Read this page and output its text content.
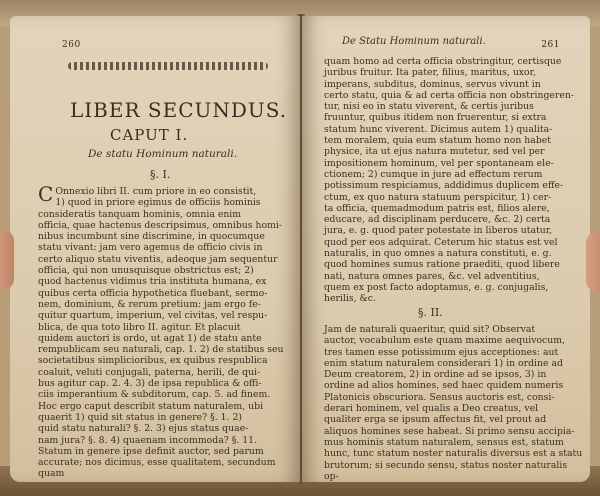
260
LIBER SECUNDUS.
CAPUT I.
De statu Hominum naturali.
§. I.
C Onnexio libri II. cum priore in eo consistit,
1) quod in priore egimus de officiis hominis
consideratis tanquam hominis, omnia enim
officia, quae hactenus descripsimus, omnibus homi-
nibus incumbunt sine discrimine, in quocumque
statu vivant: jam vero agemus de officio civis in
certo aliquo statu viventis, adeoque jam sequentur
officia, qui non unusquisque obstrictus est; 2)
quod hactenus vidimus tria instituta humana, ex
quibus certa officia hypothetica fluebant, sermo-
nem, dominium, & rerum pretium: jam ergo fe-
quitur quartum, imperium, vel civitas, vel respu-
blica, de qua toto libro II. agitur. Et placuit
quidem auctori is ordo, ut agat 1) de statu ante
rempublicam seu naturali, cap. 1. 2) de statibus seu
societatibus simplicioribus, ex quibus respublica
coaluit, veluti conjugali, paterna, herili, de qui-
bus agitur cap. 2. 4. 3) de ipsa republica & offi-
ciis imperantium & subditorum, cap. 5. ad finem.
Hoc ergo caput describit statum naturalem, ubi
quaerit 1) quid sit status in genere? §. 1. 2)
quid statu naturali? §. 2. 3) ejus status quae-
nam jura? §. 8. 4) quaenam incommoda? §. 11.
Statum in genere ipse definit auctor, sed parum
accurate; nos dicimus, esse qualitatem, secundum
quam
De Statu Hominum naturali.	261
quam homo ad certa officia obstringitur, certisque
juribus fruitur. Ita pater, filius, maritus, uxor,
imperans, subditus, dominus, servus vivunt in
certo statu, quia & ad certa officia non obstringeren-
tur, nisi eo in statu viverent, & certis juribus
fruuntur, quibus itidem non fruerentur, si extra
statum hunc viverent. Dicimus autem 1) qualita-
tem moralem, quia eum statum homo non habet
physice, ita ut ejus natura mutetur, sed vel per
impositionem hominum, vel per spontaneam ele-
ctionem; 2) cumque in jure ad effectum rerum
potissimum respiciamus, addidimus duplicem effe-
ctum, ex quo natura statuum perspicitur, 1) cer-
ta officia, quemadmodum patris est, filios alere,
educare, ad disciplinam perducere, &c. 2) certa
jura, e. g. quod pater potestate in liberos utatur,
quod per eos adquirat. Ceterum hic status est vel
naturalis, in quo omnes a natura constituti, e. g.
quod homines sumus ratione praediti, quod libere
nati, natura omnes pares, &c. vel adventitius,
quem ex post facto adoptamus, e. g. conjugalis,
herilis, &c.
§. II.
Jam de naturali quaeritur, quid sit? Observat
auctor, vocabulum este quam maxime aequivocum,
tres tamen esse potissimum ejus acceptiones: aut
enim statum naturalem considerari 1) in ordine ad
Deum creatorem, 2) in ordine ad se ipsos, 3) in
ordine ad alios homines, sed haec quidem numeris
Platonicis obscuriora. Sensus auctoris est, consi-
derari hominem, vel qualis a Deo creatus, vel
qualiter erga se ipsum affectus fit, vel prout ad
aliquos homines sese habeat. Si primo sensu accipia-
mus hominis statum naturalem, sensus est, statum
hunc, tunc statum noster naturalis diversus est a statu
brutorum; si secundo sensu, status noster naturalis
op-
